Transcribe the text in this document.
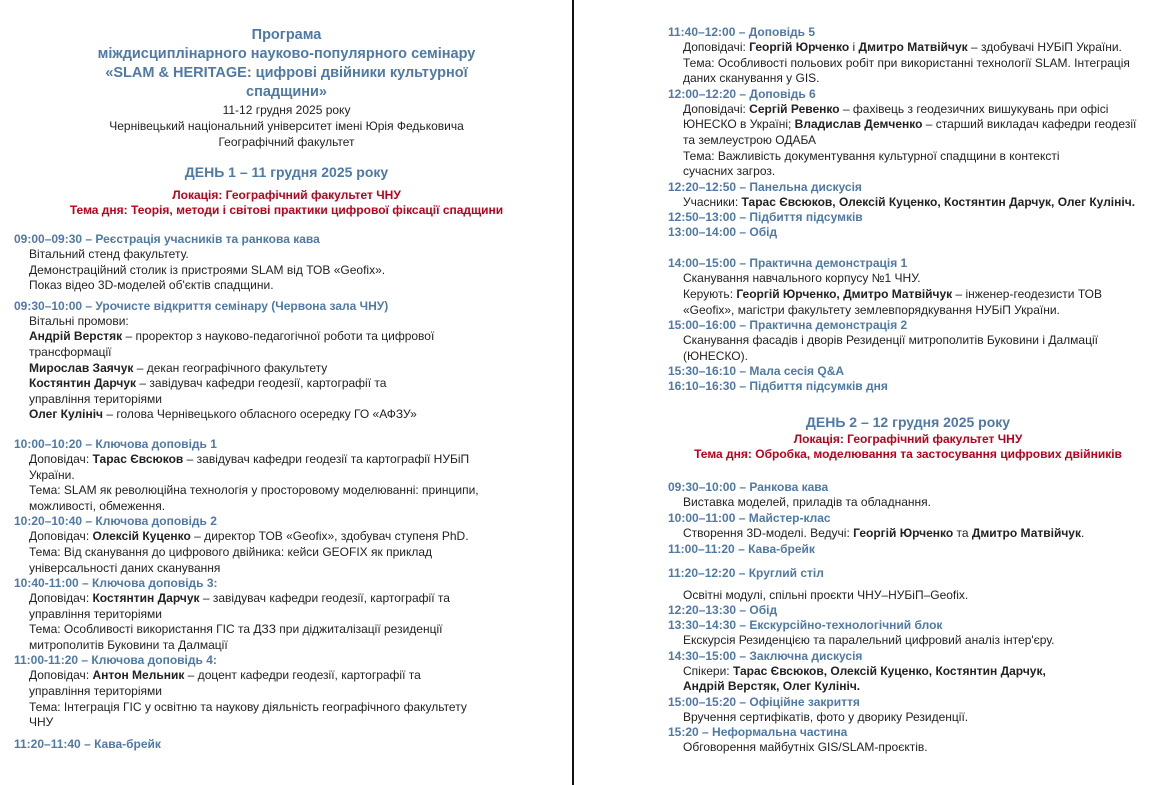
Програма
міждисциплінарного науково-популярного семінару
«SLAM & HERITAGE: цифрові двійники культурної
спадщини»
11-12 грудня 2025 року
Чернівецький національний університет імені Юрія Федьковича
Географічний факультет
ДЕНЬ 1 – 11 грудня 2025 року
Локація: Географічний факультет ЧНУ
Тема дня: Теорія, методи і світові практики цифрової фіксації спадщини
09:00–09:30 – Реєстрація учасників та ранкова кава
Вітальний стенд факультету.
Демонстраційний столик із пристроями SLAM від ТОВ «Geofix».
Показ відео 3D-моделей об'єктів спадщини.
09:30–10:00 – Урочисте відкриття семінару (Червона зала ЧНУ)
Вітальні промови:
Андрій Верстяк – проректор з науково-педагогічної роботи та цифрової
трансформації
Мирослав Заячук – декан географічного факультету
Костянтин Дарчук – завідувач кафедри геодезії, картографії та
управління територіями
Олег Кулініч – голова Чернівецького обласного осередку ГО «АФЗУ»
10:00–10:20 – Ключова доповідь 1
Доповідач: Тарас Євсюков – завідувач кафедри геодезії та картографії НУБіП
України.
Тема: SLAM як революційна технологія у просторовому моделюванні: принципи,
можливості, обмеження.
10:20–10:40 – Ключова доповідь 2
Доповідач: Олексій Куценко – директор ТОВ «Geofix», здобувач ступеня PhD.
Тема: Від сканування до цифрового двійника: кейси GEOFIX як приклад
універсальності даних сканування
10:40-11:00 – Ключова доповідь 3:
Доповідач: Костянтин Дарчук – завідувач кафедри геодезії, картографії та
управління територіями
Тема: Особливості використання ГІС та ДЗЗ при діджиталізації резиденції
митрополитів Буковини та Далмації
11:00-11:20 – Ключова доповідь 4:
Доповідач: Антон Мельник – доцент кафедри геодезії, картографії та
управління територіями
Тема: Інтеграція ГІС у освітню та наукову діяльність географічного факультету
ЧНУ
11:20–11:40 – Кава-брейк
11:40–12:00 – Доповідь 5
Доповідачі: Георгій Юрченко і Дмитро Матвійчук – здобувачі НУБіП України.
Тема: Особливості польових робіт при використанні технології SLAM. Інтеграція
даних сканування у GIS.
12:00–12:20 – Доповідь 6
Доповідачі: Сергій Ревенко – фахівець з геодезичних вишукувань при офісі
ЮНЕСКО в Україні; Владислав Демченко – старший викладач кафедри геодезії
та землеустрою ОДАБА
Тема: Важливість документування культурної спадщини в контексті
сучасних загроз.
12:20–12:50 – Панельна дискусія
Учасники: Тарас Євсюков, Олексій Куценко, Костянтин Дарчук, Олег Кулініч.
12:50–13:00 – Підбиття підсумків
13:00–14:00 – Обід
14:00–15:00 – Практична демонстрація 1
Сканування навчального корпусу №1 ЧНУ.
Керують: Георгій Юрченко, Дмитро Матвійчук – інженер-геодезисти ТОВ
«Geofix», магістри факультету землевпорядкування НУБіП України.
15:00–16:00 – Практична демонстрація 2
Сканування фасадів і дворів Резиденції митрополитів Буковини і Далмації
(ЮНЕСКО).
15:30–16:10 – Мала сесія Q&A
16:10–16:30 – Підбиття підсумків дня
ДЕНЬ 2 – 12 грудня 2025 року
Локація: Географічний факультет ЧНУ
Тема дня: Обробка, моделювання та застосування цифрових двійників
09:30–10:00 – Ранкова кава
Виставка моделей, приладів та обладнання.
10:00–11:00 – Майстер-клас
Створення 3D-моделі. Ведучі: Георгій Юрченко та Дмитро Матвійчук.
11:00–11:20 – Кава-брейк
11:20–12:20 – Круглий стіл
Освітні модулі, спільні проєкти ЧНУ–НУБіП–Geofix.
12:20–13:30 – Обід
13:30–14:30 – Екскурсійно-технологічний блок
Екскурсія Резиденцією та паралельний цифровий аналіз інтер'єру.
14:30–15:00 – Заключна дискусія
Спікери: Тарас Євсюков, Олексій Куценко, Костянтин Дарчук,
Андрій Верстяк, Олег Кулініч.
15:00–15:20 – Офіційне закриття
Вручення сертифікатів, фото у дворику Резиденції.
15:20 – Неформальна частина
Обговорення майбутніх GIS/SLAM-проєктів.
